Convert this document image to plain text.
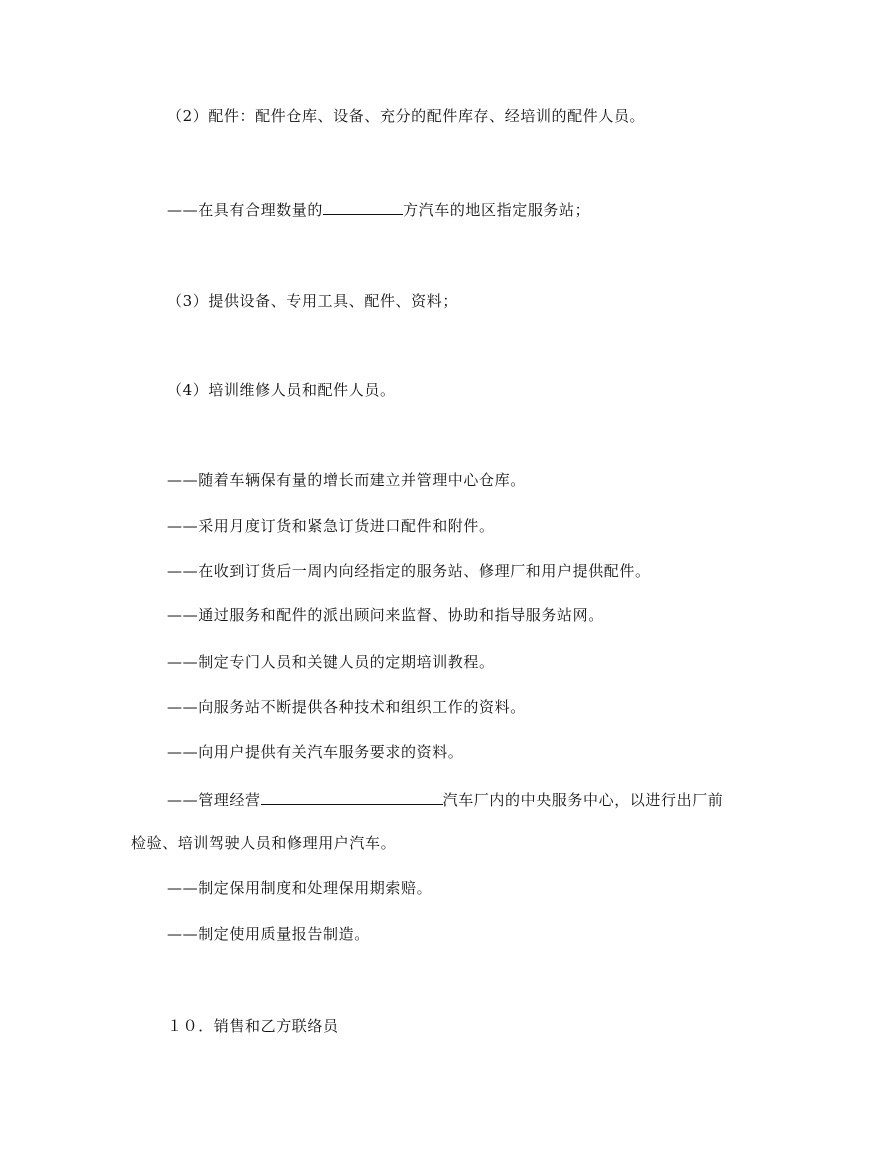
（2）配件：配件仓库、设备、充分的配件库存、经培训的配件人员。
——在具有合理数量的	方汽车的地区指定服务站；
（3）提供设备、专用工具、配件、资料；
（4）培训维修人员和配件人员。
——随着车辆保有量的增长而建立并管理中心仓库。
——采用月度订货和紧急订货进口配件和附件。
——在收到订货后一周内向经指定的服务站、修理厂和用户提供配件。
——通过服务和配件的派出顾问来监督、协助和指导服务站网。
——制定专门人员和关键人员的定期培训教程。
——向服务站不断提供各种技术和组织工作的资料。
——向用户提供有关汽车服务要求的资料。
——管理经营	汽车厂内的中央服务中心，以进行出厂前
检验、培训驾驶人员和修理用户汽车。
——制定保用制度和处理保用期索赔。
——制定使用质量报告制造。
１０．销售和乙方联络员
